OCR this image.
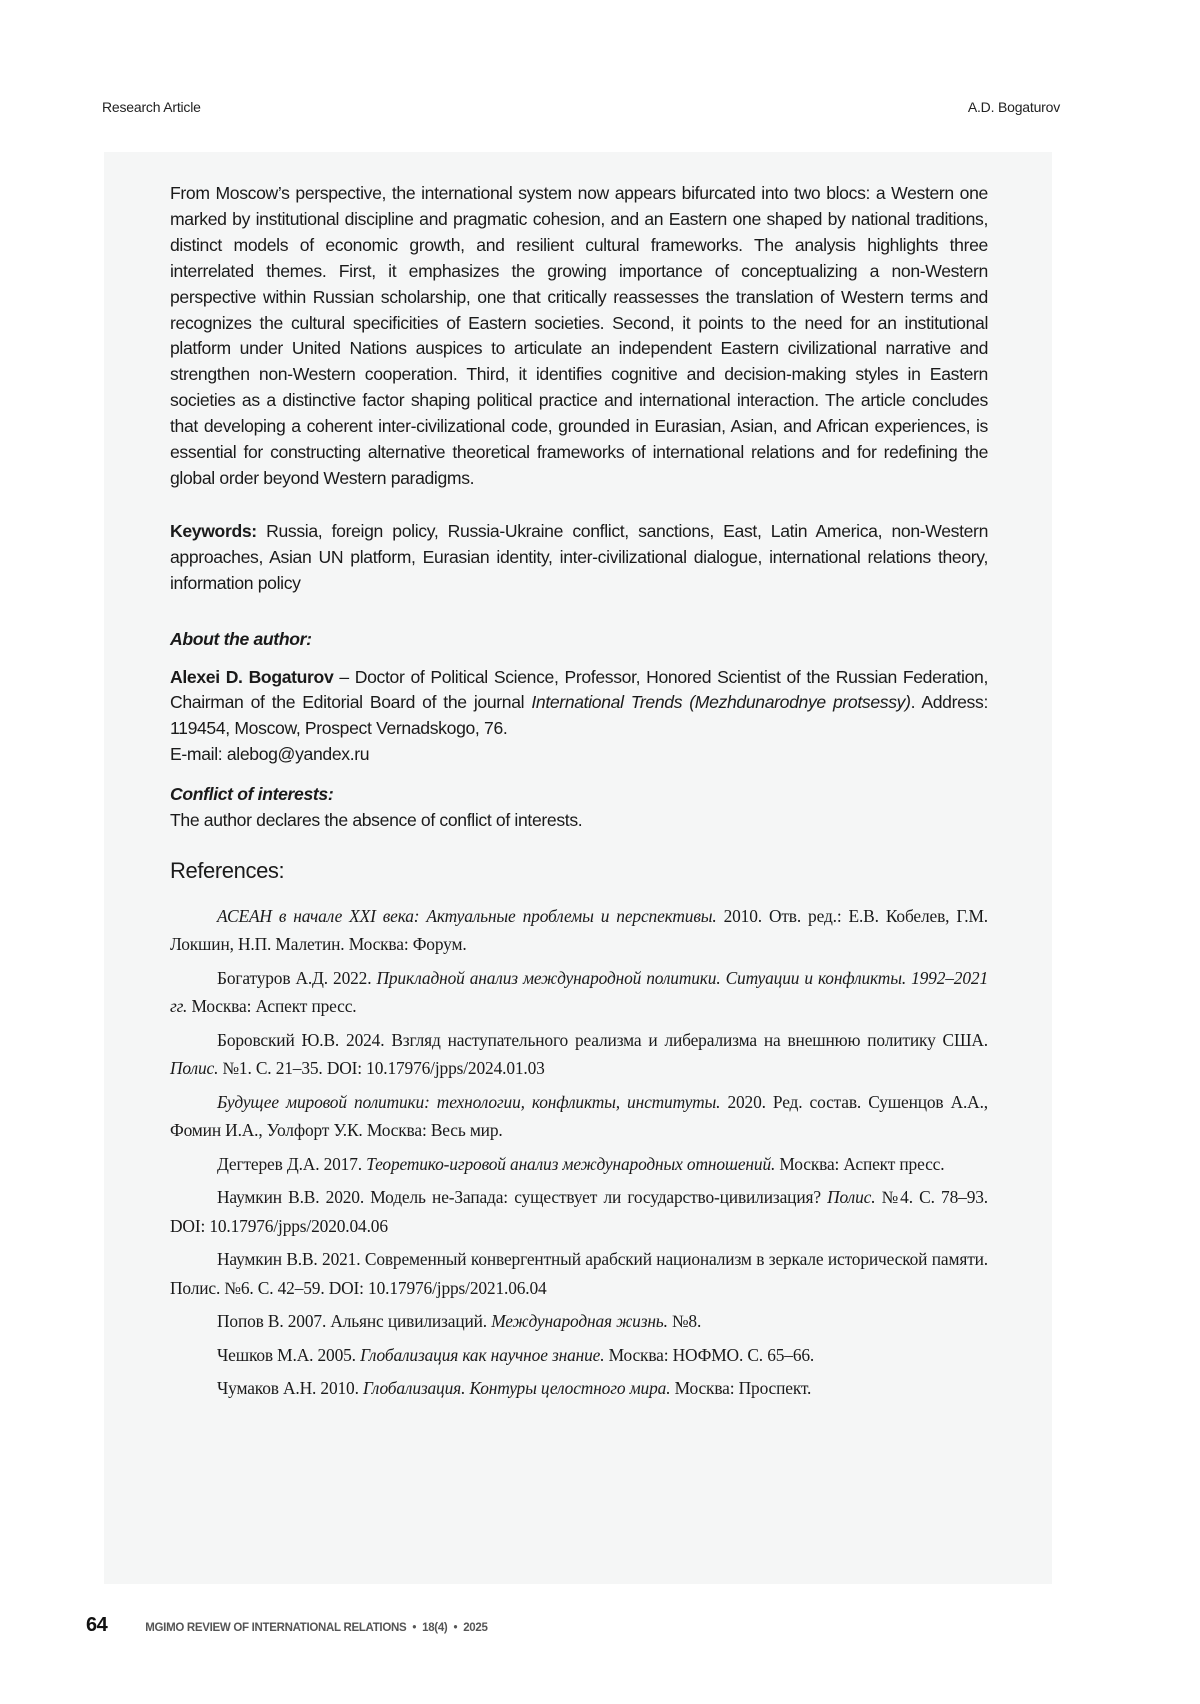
Research Article	A.D. Bogaturov

From Moscow’s perspective, the international system now appears bifurcated into two blocs: a Western one marked by institutional discipline and pragmatic cohesion, and an Eastern one shaped by national traditions, distinct models of economic growth, and resilient cultural frameworks. The analysis highlights three interrelated themes. First, it emphasizes the growing importance of conceptualizing a non-Western perspective within Russian scholarship, one that critically reassesses the translation of Western terms and recognizes the cultural specificities of Eastern societies. Second, it points to the need for an institutional platform under United Nations auspices to articulate an independent Eastern civilizational narrative and strengthen non-Western cooperation. Third, it identifies cognitive and decision-making styles in Eastern societies as a distinctive factor shaping political practice and international interaction. The article concludes that developing a coherent inter-civilizational code, grounded in Eurasian, Asian, and African experiences, is essential for constructing alternative theoretical frameworks of international relations and for redefining the global order beyond Western paradigms.

Keywords: Russia, foreign policy, Russia-Ukraine conflict, sanctions, East, Latin America, non-Western approaches, Asian UN platform, Eurasian identity, inter-civilizational dialogue, international relations theory, information policy

About the author:

Alexei D. Bogaturov – Doctor of Political Science, Professor, Honored Scientist of the Russian Federation, Chairman of the Editorial Board of the journal International Trends (Mezhdunarodnye protsessy). Address: 119454, Moscow, Prospect Vernadskogo, 76.
E-mail: alebog@yandex.ru

Conflict of interests:

The author declares the absence of conflict of interests.

References:
АСЕАН в начале XXI века: Актуальные проблемы и перспективы. 2010. Отв. ред.: Е.В. Кобелев, Г.М. Локшин, Н.П. Малетин. Москва: Форум.
Богатуров А.Д. 2022. Прикладной анализ международной политики. Ситуации и конфликты. 1992–2021 гг. Москва: Аспект пресс.
Боровский Ю.В. 2024. Взгляд наступательного реализма и либерализма на внешнюю политику США. Полис. №1. С. 21–35. DOI: 10.17976/jpps/2024.01.03
Будущее мировой политики: технологии, конфликты, институты. 2020. Ред. состав. Сушенцов А.А., Фомин И.А., Уолфорт У.К. Москва: Весь мир.
Дегтерев Д.А. 2017. Теоретико-игровой анализ международных отношений. Москва: Аспект пресс.
Наумкин В.В. 2020. Модель не-Запада: существует ли государство-цивилизация? Полис. №4. С. 78–93. DOI: 10.17976/jpps/2020.04.06
Наумкин В.В. 2021. Современный конвергентный арабский национализм в зеркале исторической памяти. Полис. №6. С. 42–59. DOI: 10.17976/jpps/2021.06.04
Попов В. 2007. Альянс цивилизаций. Международная жизнь. №8.
Чешков М.А. 2005. Глобализация как научное знание. Москва: НОФМО. С. 65–66.
Чумаков А.Н. 2010. Глобализация. Контуры целостного мира. Москва: Проспект.
64	MGIMO REVIEW OF INTERNATIONAL RELATIONS • 18(4) • 2025
